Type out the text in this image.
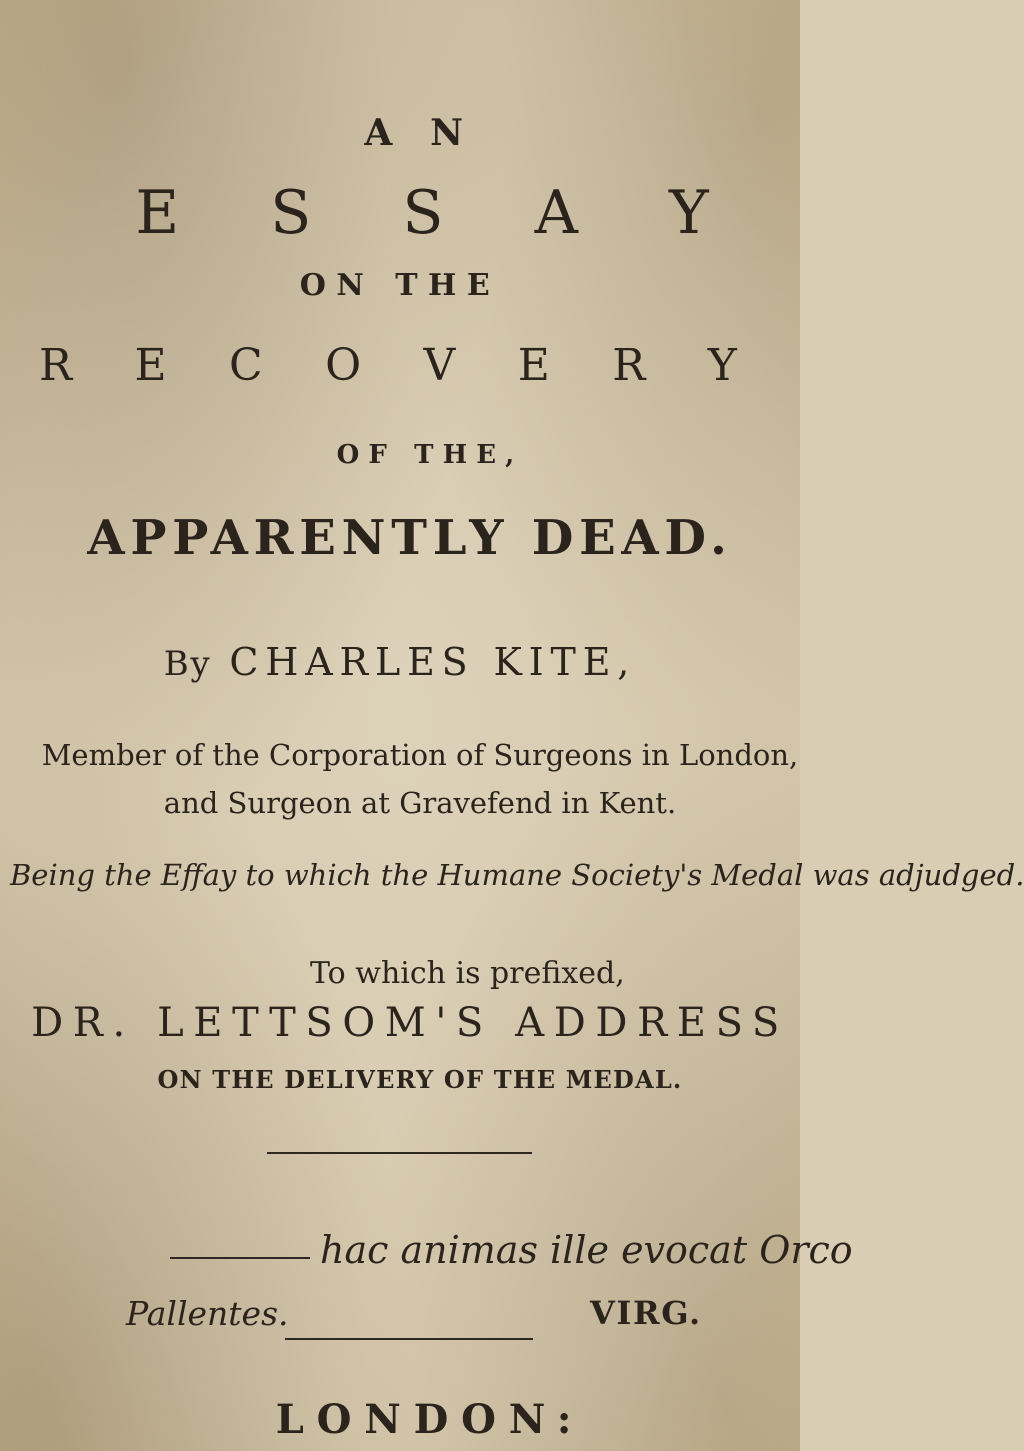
A N
E S S A Y
ON THE
R E C O V E R Y
OF THE,
APPARENTLY DEAD.
By CHARLES KITE,
Member of the Corporation of Surgeons in London,
and Surgeon at Gravefend in Kent.
Being the Effay to which the Humane Society's Medal was adjudged.
To which is prefixed,
DR. LETTSOM'S ADDRESS
ON THE DELIVERY OF THE MEDAL.
hac animas ille evocat Orco
Pallentes.	VIRG.
LONDON:
